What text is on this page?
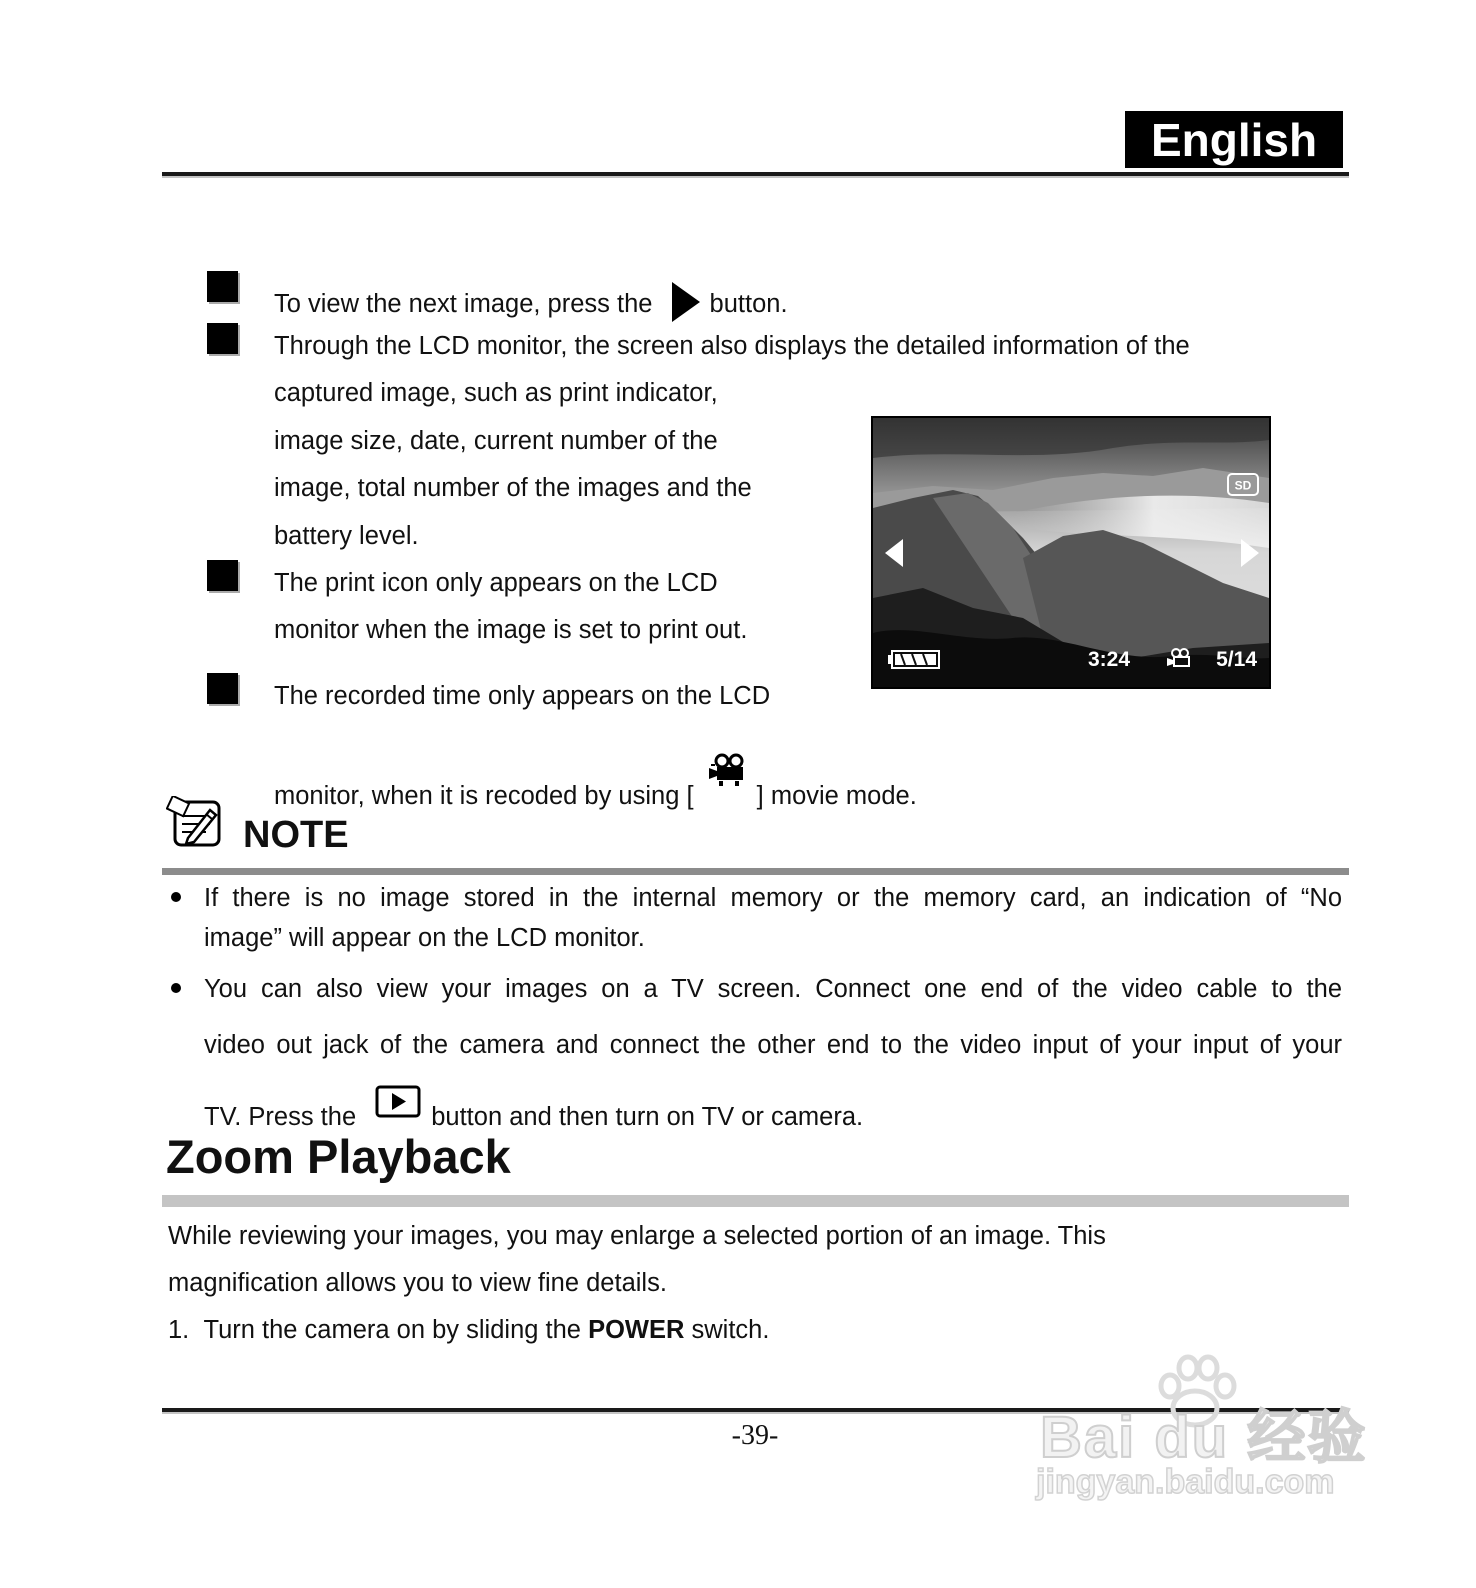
English
To view the next image, press the button.
Through the LCD monitor, the screen also displays the detailed information of the
captured image, such as print indicator,
image size, date, current number of the
image, total number of the images and the
battery level.
The print icon only appears on the LCD
monitor when the image is set to print out.
The recorded time only appears on the LCD
monitor, when it is recoded by using [ ] movie mode.
SD
3:24	5/14
NOTE
If there is no image stored in the internal memory or the memory card, an indication of “No
image” will appear on the LCD monitor.
You can also view your images on a TV screen. Connect one end of the video cable to the
video out jack of the camera and connect the other end to the video input of your input of your
TV. Press the	button and then turn on TV or camera.
Zoom Playback
While reviewing your images, you may enlarge a selected portion of an image. This
magnification allows you to view fine details.
1. Turn the camera on by sliding the POWER switch.
-39-	Bai du 经验
jingyan.baidu.com
